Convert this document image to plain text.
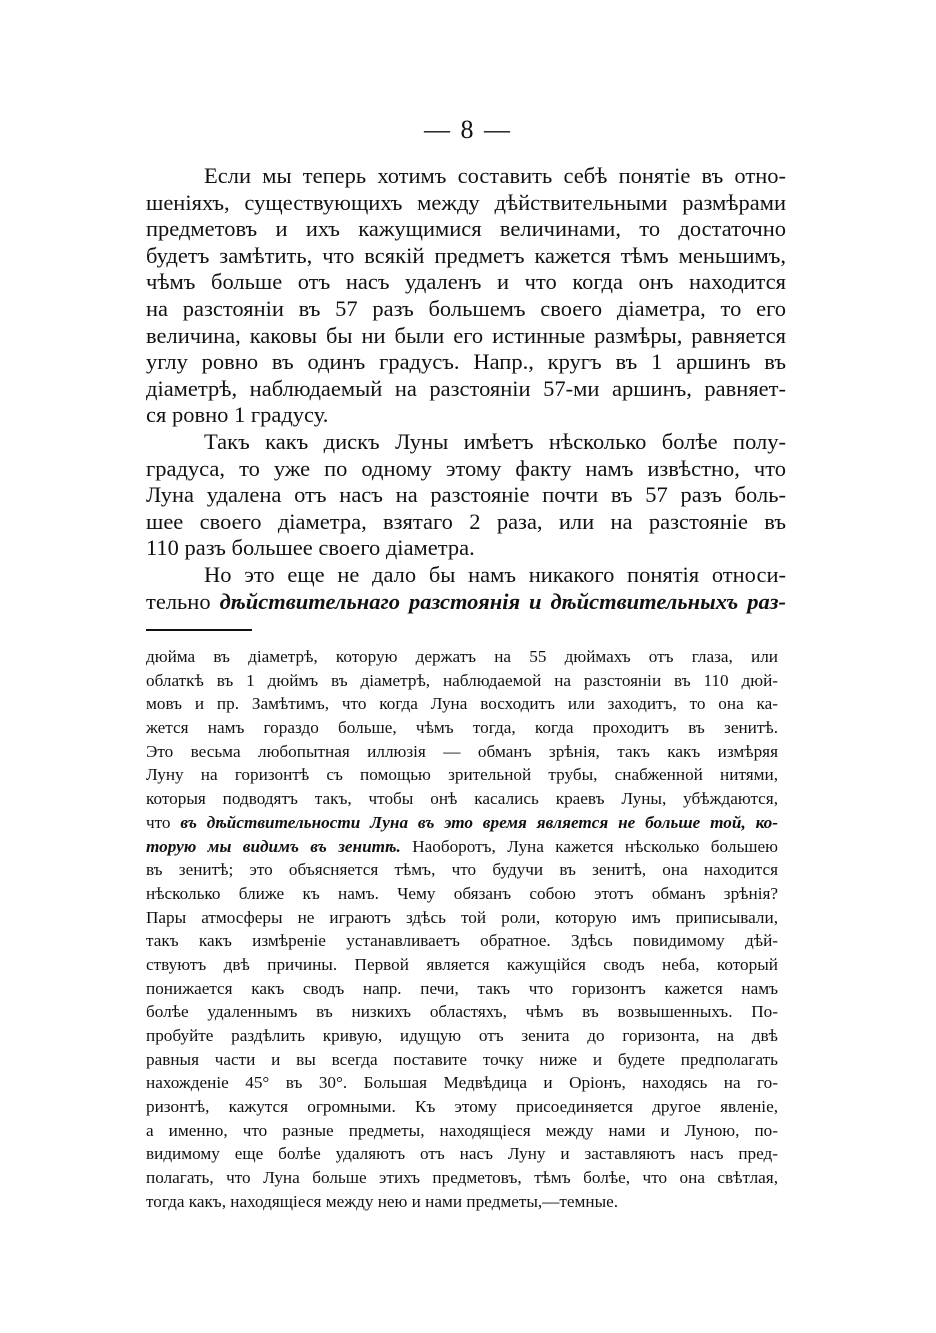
— 8 —
Если мы теперь хотимъ составить себѣ понятіе въ отно-
шеніяхъ, существующихъ между дѣйствительными размѣрами
предметовъ и ихъ кажущимися величинами, то достаточно
будетъ замѣтить, что всякій предметъ кажется тѣмъ меньшимъ,
чѣмъ больше отъ насъ удаленъ и что когда онъ находится
на разстояніи въ 57 разъ большемъ своего діаметра, то его
величина, каковы бы ни были его истинные размѣры, равняется
углу ровно въ одинъ градусъ. Напр., кругъ въ 1 аршинъ въ
діаметрѣ, наблюдаемый на разстояніи 57-ми аршинъ, равняет-
ся ровно 1 градусу.
Такъ какъ дискъ Луны имѣетъ нѣсколько болѣе полу-
градуса, то уже по одному этому факту намъ извѣстно, что
Луна удалена отъ насъ на разстояніе почти въ 57 разъ боль-
шее своего діаметра, взятаго 2 раза, или на разстояніе въ
110 разъ большее своего діаметра.
Но это еще не дало бы намъ никакого понятія относи-
тельно дѣйствительнаго разстоянія и дѣйствительныхъ раз-
дюйма въ діаметрѣ, которую держатъ на 55 дюймахъ отъ глаза, или
облаткѣ въ 1 дюймъ въ діаметрѣ, наблюдаемой на разстояніи въ 110 дюй-
мовъ и пр. Замѣтимъ, что когда Луна восходитъ или заходитъ, то она ка-
жется намъ гораздо больше, чѣмъ тогда, когда проходитъ въ зенитѣ.
Это весьма любопытная иллюзія — обманъ зрѣнія, такъ какъ измѣряя
Луну на горизонтѣ съ помощью зрительной трубы, снабженной нитями,
которыя подводятъ такъ, чтобы онѣ касались краевъ Луны, убѣждаются,
что въ дѣйствительности Луна въ это время является не больше той, ко-
торую мы видимъ въ зенитѣ. Наоборотъ, Луна кажется нѣсколько большею
въ зенитѣ; это объясняется тѣмъ, что будучи въ зенитѣ, она находится
нѣсколько ближе къ намъ. Чему обязанъ собою этотъ обманъ зрѣнія?
Пары атмосферы не играютъ здѣсь той роли, которую имъ приписывали,
такъ какъ измѣреніе устанавливаетъ обратное. Здѣсь повидимому дѣй-
ствуютъ двѣ причины. Первой является кажущійся сводъ неба, который
понижается какъ сводъ напр. печи, такъ что горизонтъ кажется намъ
болѣе удаленнымъ въ низкихъ областяхъ, чѣмъ въ возвышенныхъ. По-
пробуйте раздѣлить кривую, идущую отъ зенита до горизонта, на двѣ
равныя части и вы всегда поставите точку ниже и будете предполагать
нахожденіе 45° въ 30°. Большая Медвѣдица и Оріонъ, находясь на го-
ризонтѣ, кажутся огромными. Къ этому присоединяется другое явленіе,
а именно, что разные предметы, находящіеся между нами и Луною, по-
видимому еще болѣе удаляютъ отъ насъ Луну и заставляютъ насъ пред-
полагать, что Луна больше этихъ предметовъ, тѣмъ болѣе, что она свѣтлая,
тогда какъ, находящіеся между нею и нами предметы,—темные.
